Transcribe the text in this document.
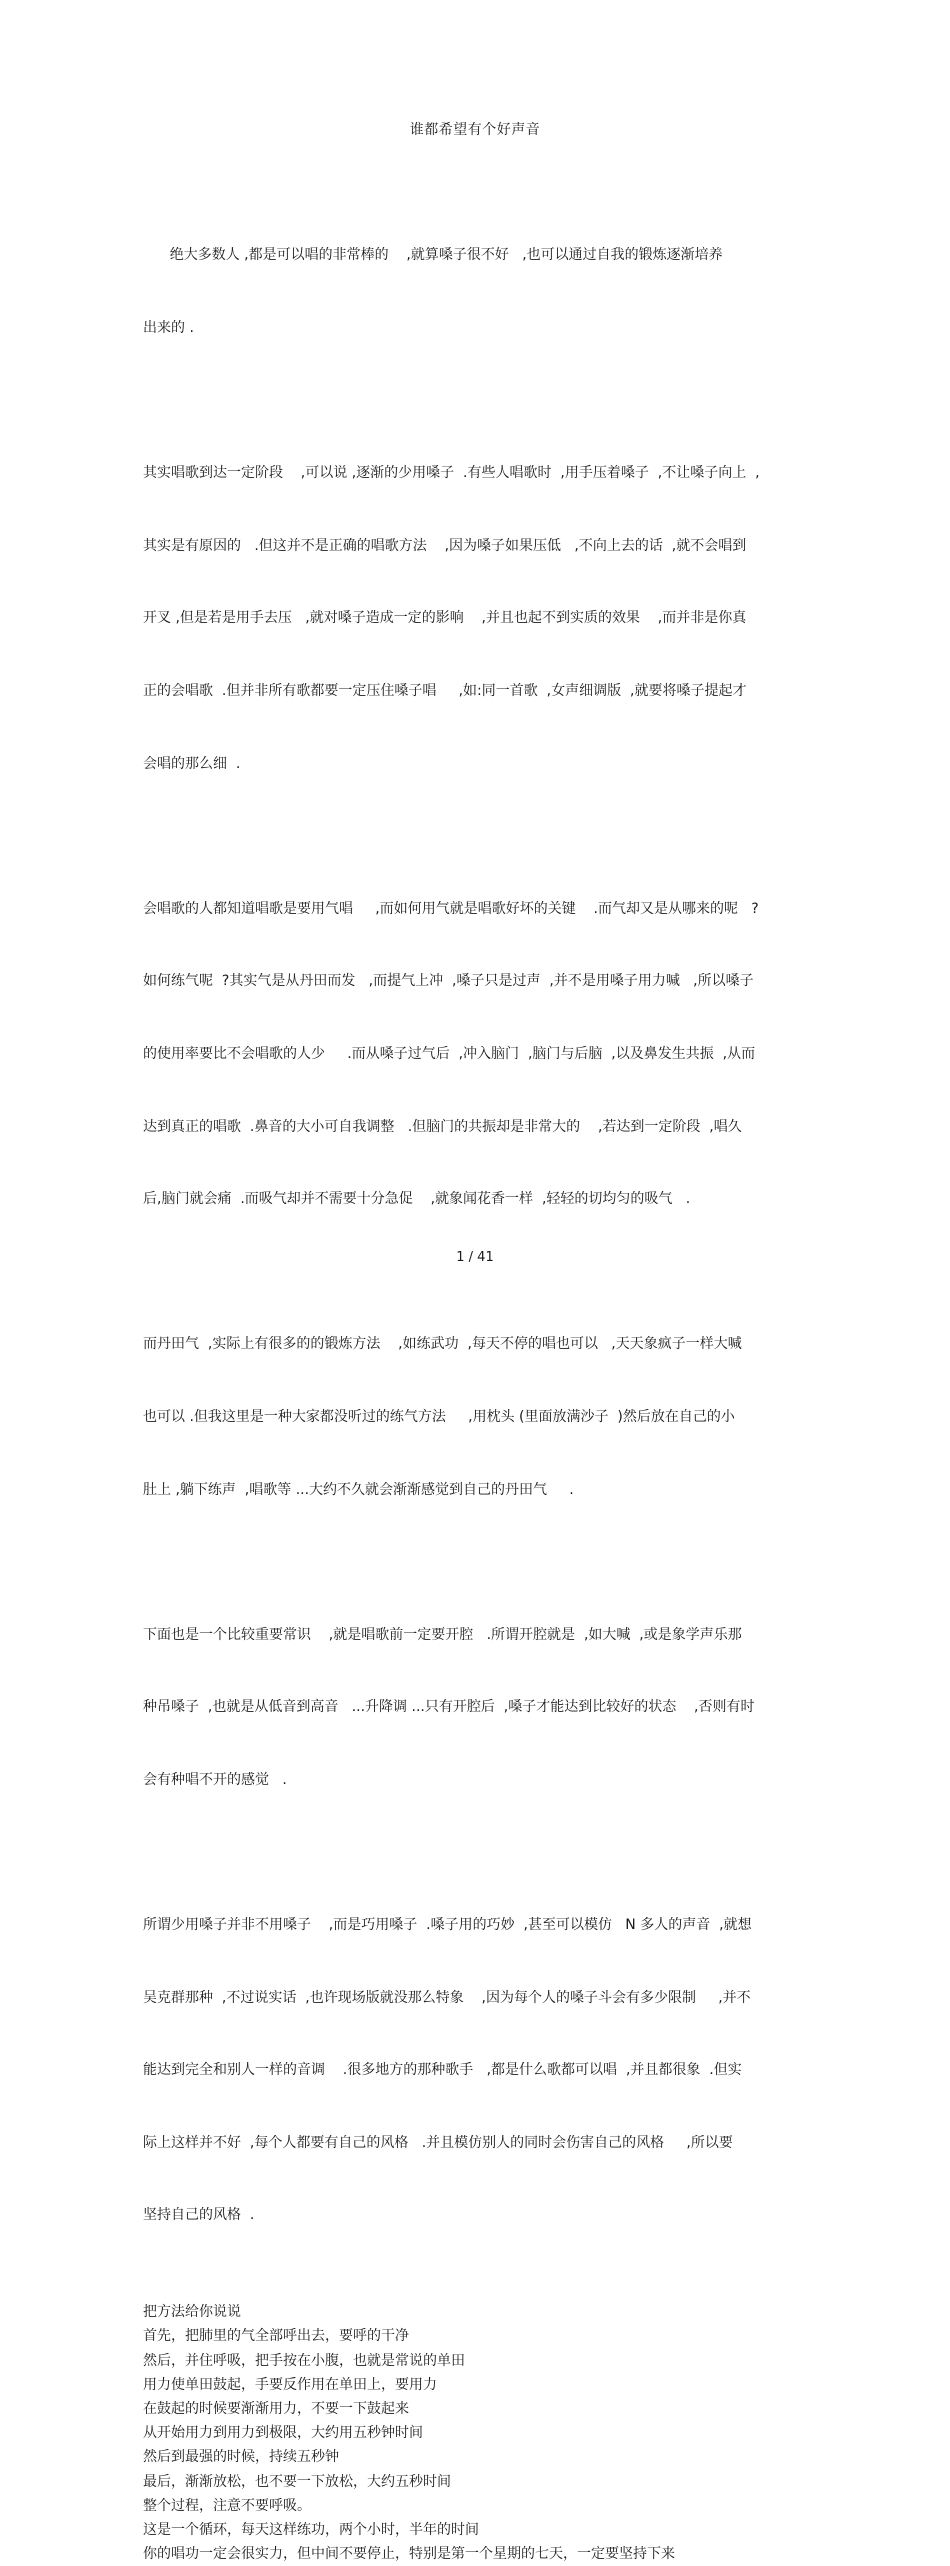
谁都希望有个好声音

绝大多数人 ,都是可以唱的非常棒的    ,就算嗓子很不好   ,也可以通过自我的锻炼逐渐培养

出来的 .

其实唱歌到达一定阶段    ,可以说 ,逐渐的少用嗓子  .有些人唱歌时  ,用手压着嗓子  ,不让嗓子向上  ,

其实是有原因的   .但这并不是正确的唱歌方法    ,因为嗓子如果压低   ,不向上去的话  ,就不会唱到

开叉 ,但是若是用手去压   ,就对嗓子造成一定的影响    ,并且也起不到实质的效果    ,而并非是你真

正的会唱歌  .但并非所有歌都要一定压住嗓子唱     ,如:同一首歌  ,女声细调版  ,就要将嗓子提起才

会唱的那么细  .

会唱歌的人都知道唱歌是要用气唱     ,而如何用气就是唱歌好坏的关键    .而气却又是从哪来的呢   ?

如何练气呢  ?其实气是从丹田而发   ,而提气上冲  ,嗓子只是过声  ,并不是用嗓子用力喊   ,所以嗓子

的使用率要比不会唱歌的人少     .而从嗓子过气后  ,冲入脑门  ,脑门与后脑  ,以及鼻发生共振  ,从而

达到真正的唱歌  .鼻音的大小可自我调整   .但脑门的共振却是非常大的    ,若达到一定阶段  ,唱久

后,脑门就会痛  .而吸气却并不需要十分急促    ,就象闻花香一样  ,轻轻的切均匀的吸气   .

而丹田气  ,实际上有很多的的锻炼方法    ,如练武功  ,每天不停的唱也可以   ,天天象疯子一样大喊

也可以 .但我这里是一种大家都没听过的练气方法     ,用枕头 (里面放满沙子  )然后放在自己的小

肚上 ,躺下练声  ,唱歌等 ...大约不久就会渐渐感觉到自己的丹田气     .

下面也是一个比较重要常识    ,就是唱歌前一定要开腔   .所谓开腔就是  ,如大喊  ,或是象学声乐那

种吊嗓子  ,也就是从低音到高音   ...升降调 ...只有开腔后  ,嗓子才能达到比较好的状态    ,否则有时

会有种唱不开的感觉   .

所谓少用嗓子并非不用嗓子    ,而是巧用嗓子  .嗓子用的巧妙  ,甚至可以模仿   N 多人的声音  ,就想

吴克群那种  ,不过说实话  ,也许现场版就没那么特象    ,因为每个人的嗓子斗会有多少限制     ,并不

能达到完全和别人一样的音调    .很多地方的那种歌手   ,都是什么歌都可以唱  ,并且都很象  .但实

际上这样并不好  ,每个人都要有自己的风格   .并且模仿别人的同时会伤害自己的风格     ,所以要

坚持自己的风格  .

把方法给你说说
首先，把肺里的气全部呼出去，要呼的干净
然后，并住呼吸，把手按在小腹，也就是常说的单田
用力使单田鼓起，手要反作用在单田上，要用力
在鼓起的时候要渐渐用力，不要一下鼓起来
从开始用力到用力到极限，大约用五秒钟时间
然后到最强的时候，持续五秒钟
最后，渐渐放松，也不要一下放松，大约五秒时间
整个过程，注意不要呼吸。
这是一个循环，每天这样练功，两个小时，半年的时间
你的唱功一定会很实力，但中间不要停止，特别是第一个星期的七天，一定要坚持下来
1 / 41
